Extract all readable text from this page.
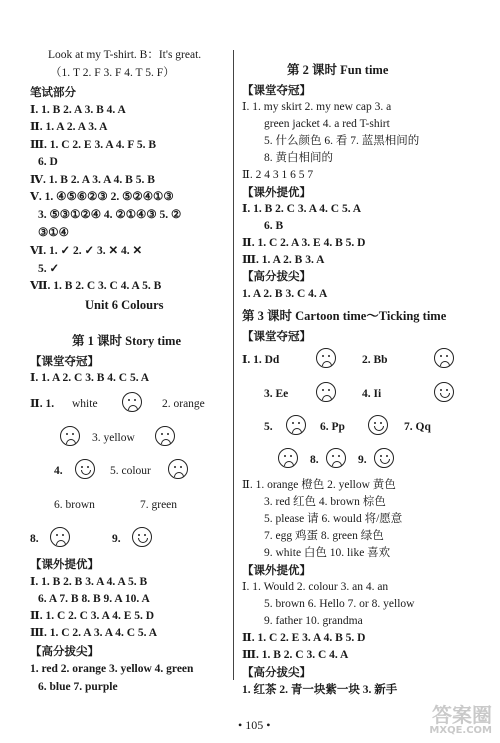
Look at my T-shirt. B：It's great.
（1. T 2. F 3. F 4. T 5. F）
笔试部分
Ⅰ. 1. B 2. A 3. B 4. A
Ⅱ. 1. A 2. A 3. A
Ⅲ. 1. C 2. E 3. A 4. F 5. B
6. D
Ⅳ. 1. B 2. A 3. A 4. B 5. B
Ⅴ. 1. ④⑤⑥②③ 2. ⑤②④①③
3. ⑤③①②④ 4. ②①④③ 5. ②
③①④
Ⅵ. 1. ✓ 2. ✓ 3. ✕ 4. ✕
5. ✓
Ⅶ. 1. B 2. C 3. C 4. A 5. B
Unit 6 Colours
第 1 课时 Story time
【课堂夺冠】
Ⅰ. 1. A 2. C 3. B 4. C 5. A
Ⅱ. 1. white	2. orange
3. yellow
4.	5. colour
6. brown	7. green
8.	9.
【课外提优】
Ⅰ. 1. B 2. B 3. A 4. A 5. B
6. A 7. B 8. B 9. A 10. A
Ⅱ. 1. C 2. C 3. A 4. E 5. D
Ⅲ. 1. C 2. A 3. A 4. C 5. A
【高分拔尖】
1. red 2. orange 3. yellow 4. green
6. blue 7. purple
第 2 课时 Fun time
【课堂夺冠】
Ⅰ. 1. my skirt 2. my new cap 3. a
green jacket 4. a red T-shirt
5. 什么颜色 6. 看 7. 蓝黑相间的
8. 黄白相间的
Ⅱ. 2 4 3 1 6 5 7
【课外提优】
Ⅰ. 1. B 2. C 3. A 4. C 5. A
6. B
Ⅱ. 1. C 2. A 3. E 4. B 5. D
Ⅲ. 1. A 2. B 3. A
【高分拔尖】
1. A 2. B 3. C 4. A
第 3 课时 Cartoon time～Ticking time
【课堂夺冠】
Ⅰ. 1. Dd	2. Bb
3. Ee	4. Ii
5.	6. Pp	7. Qq
8.	9.
Ⅱ. 1. orange 橙色 2. yellow 黄色
3. red 红色 4. brown 棕色
5. please 请 6. would 将/愿意
7. egg 鸡蛋 8. green 绿色
9. white 白色 10. like 喜欢
【课外提优】
Ⅰ. 1. Would 2. colour 3. an 4. an
5. brown 6. Hello 7. or 8. yellow
9. father 10. grandma
Ⅱ. 1. C 2. E 3. A 4. B 5. D
Ⅲ. 1. B 2. C 3. C 4. A
【高分拔尖】
1. 红茶 2. 青一块紫一块 3. 新手
• 105 •	答案圈
MXQE.COM
